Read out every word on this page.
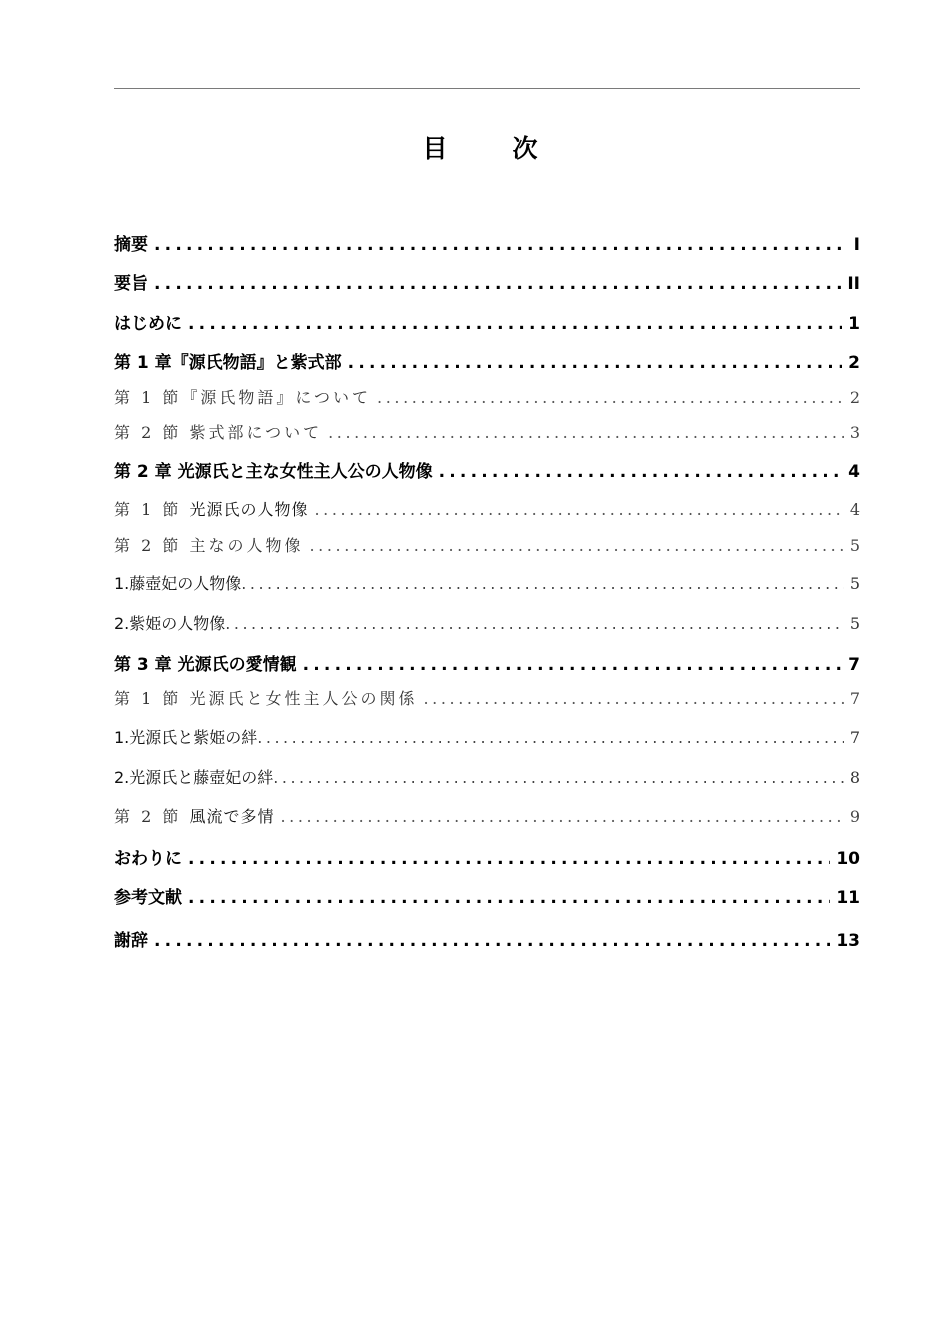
目　次
摘要 .....	I
要旨 .....	II
はじめに .....	1
第 1 章『源氏物語』と紫式部 .....	2
第 1 節『源氏物語』について .....	2
第 2 節 紫式部について .....	3
第 2 章 光源氏と主な女性主人公の人物像 .....	4
第 1 節 光源氏の人物像 .....	4
第 2 節 主なの人物像 .....	5
1.藤壺妃の人物像 .....	5
2.紫姫の人物像 .....	5
第 3 章 光源氏の愛情観 .....	7
第 1 節 光源氏と女性主人公の関係 .....	7
1.光源氏と紫姫の絆 .....	7
2.光源氏と藤壺妃の絆 .....	8
第 2 節 風流で多情 .....	9
おわりに .....	10
参考文献 .....	11
謝辞 .....	13
